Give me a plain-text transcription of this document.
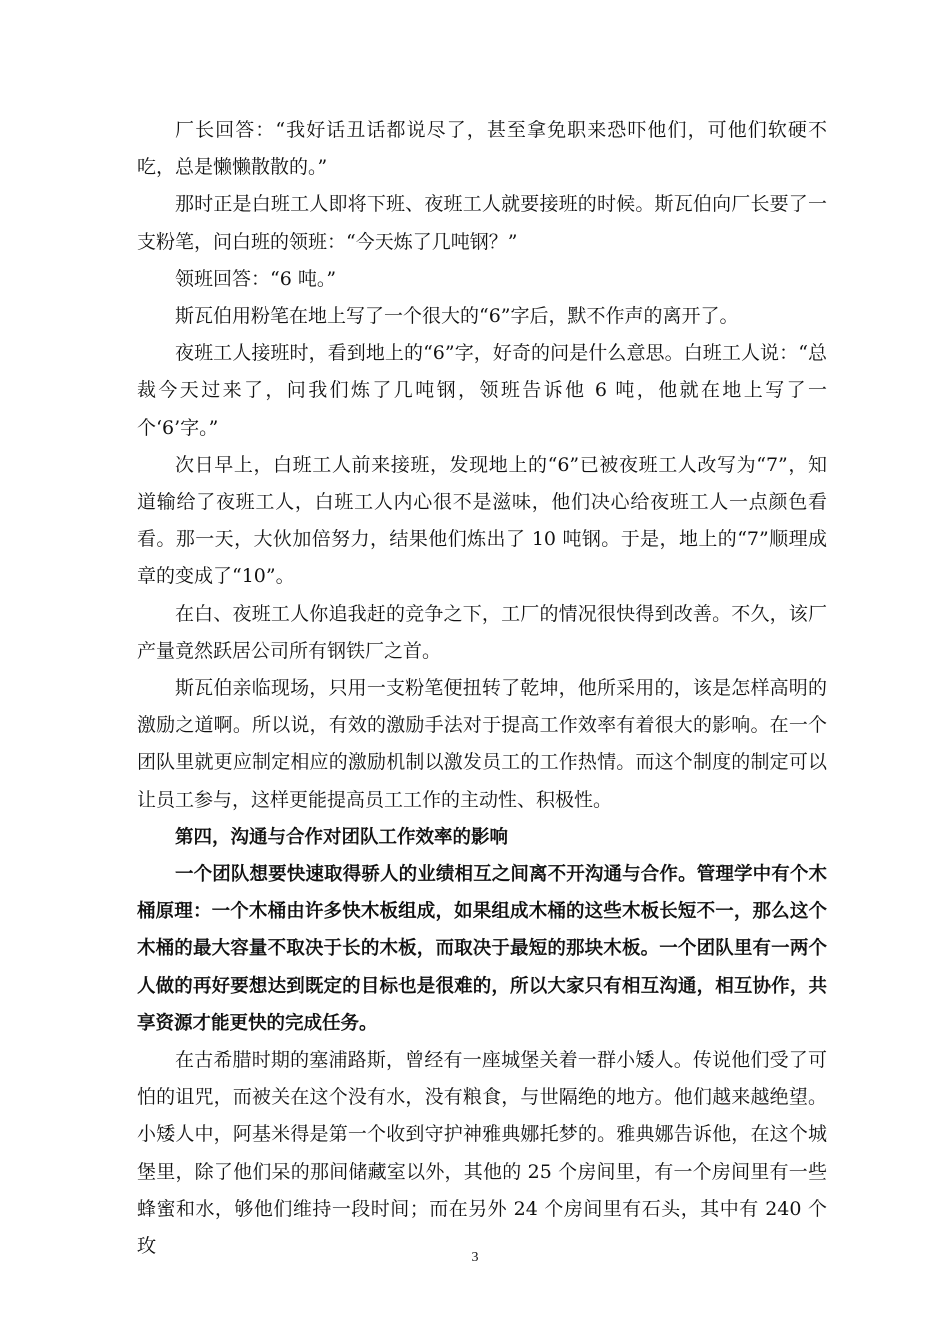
厂长回答：“我好话丑话都说尽了，甚至拿免职来恐吓他们，可他们软硬不吃，总是懒懒散散的。”

那时正是白班工人即将下班、夜班工人就要接班的时候。斯瓦伯向厂长要了一支粉笔，问白班的领班：“今天炼了几吨钢？”

领班回答：“6 吨。”

斯瓦伯用粉笔在地上写了一个很大的“6”字后，默不作声的离开了。

夜班工人接班时，看到地上的“6”字，好奇的问是什么意思。白班工人说：“总裁今天过来了，问我们炼了几吨钢，领班告诉他 6 吨，他就在地上写了一个‘6’字。”

次日早上，白班工人前来接班，发现地上的“6”已被夜班工人改写为“7”，知道输给了夜班工人，白班工人内心很不是滋味，他们决心给夜班工人一点颜色看看。那一天，大伙加倍努力，结果他们炼出了 10 吨钢。于是，地上的“7”顺理成章的变成了“10”。

在白、夜班工人你追我赶的竞争之下，工厂的情况很快得到改善。不久，该厂产量竟然跃居公司所有钢铁厂之首。

斯瓦伯亲临现场，只用一支粉笔便扭转了乾坤，他所采用的，该是怎样高明的激励之道啊。所以说，有效的激励手法对于提高工作效率有着很大的影响。在一个团队里就更应制定相应的激励机制以激发员工的工作热情。而这个制度的制定可以让员工参与，这样更能提高员工工作的主动性、积极性。

第四，沟通与合作对团队工作效率的影响

一个团队想要快速取得骄人的业绩相互之间离不开沟通与合作。管理学中有个木桶原理：一个木桶由许多快木板组成，如果组成木桶的这些木板长短不一，那么这个木桶的最大容量不取决于长的木板，而取决于最短的那块木板。一个团队里有一两个人做的再好要想达到既定的目标也是很难的，所以大家只有相互沟通，相互协作，共享资源才能更快的完成任务。

在古希腊时期的塞浦路斯，曾经有一座城堡关着一群小矮人。传说他们受了可怕的诅咒，而被关在这个没有水，没有粮食，与世隔绝的地方。他们越来越绝望。小矮人中，阿基米得是第一个收到守护神雅典娜托梦的。雅典娜告诉他，在这个城堡里，除了他们呆的那间储藏室以外，其他的 25 个房间里，有一个房间里有一些蜂蜜和水，够他们维持一段时间；而在另外 24 个房间里有石头，其中有 240 个玫

3
